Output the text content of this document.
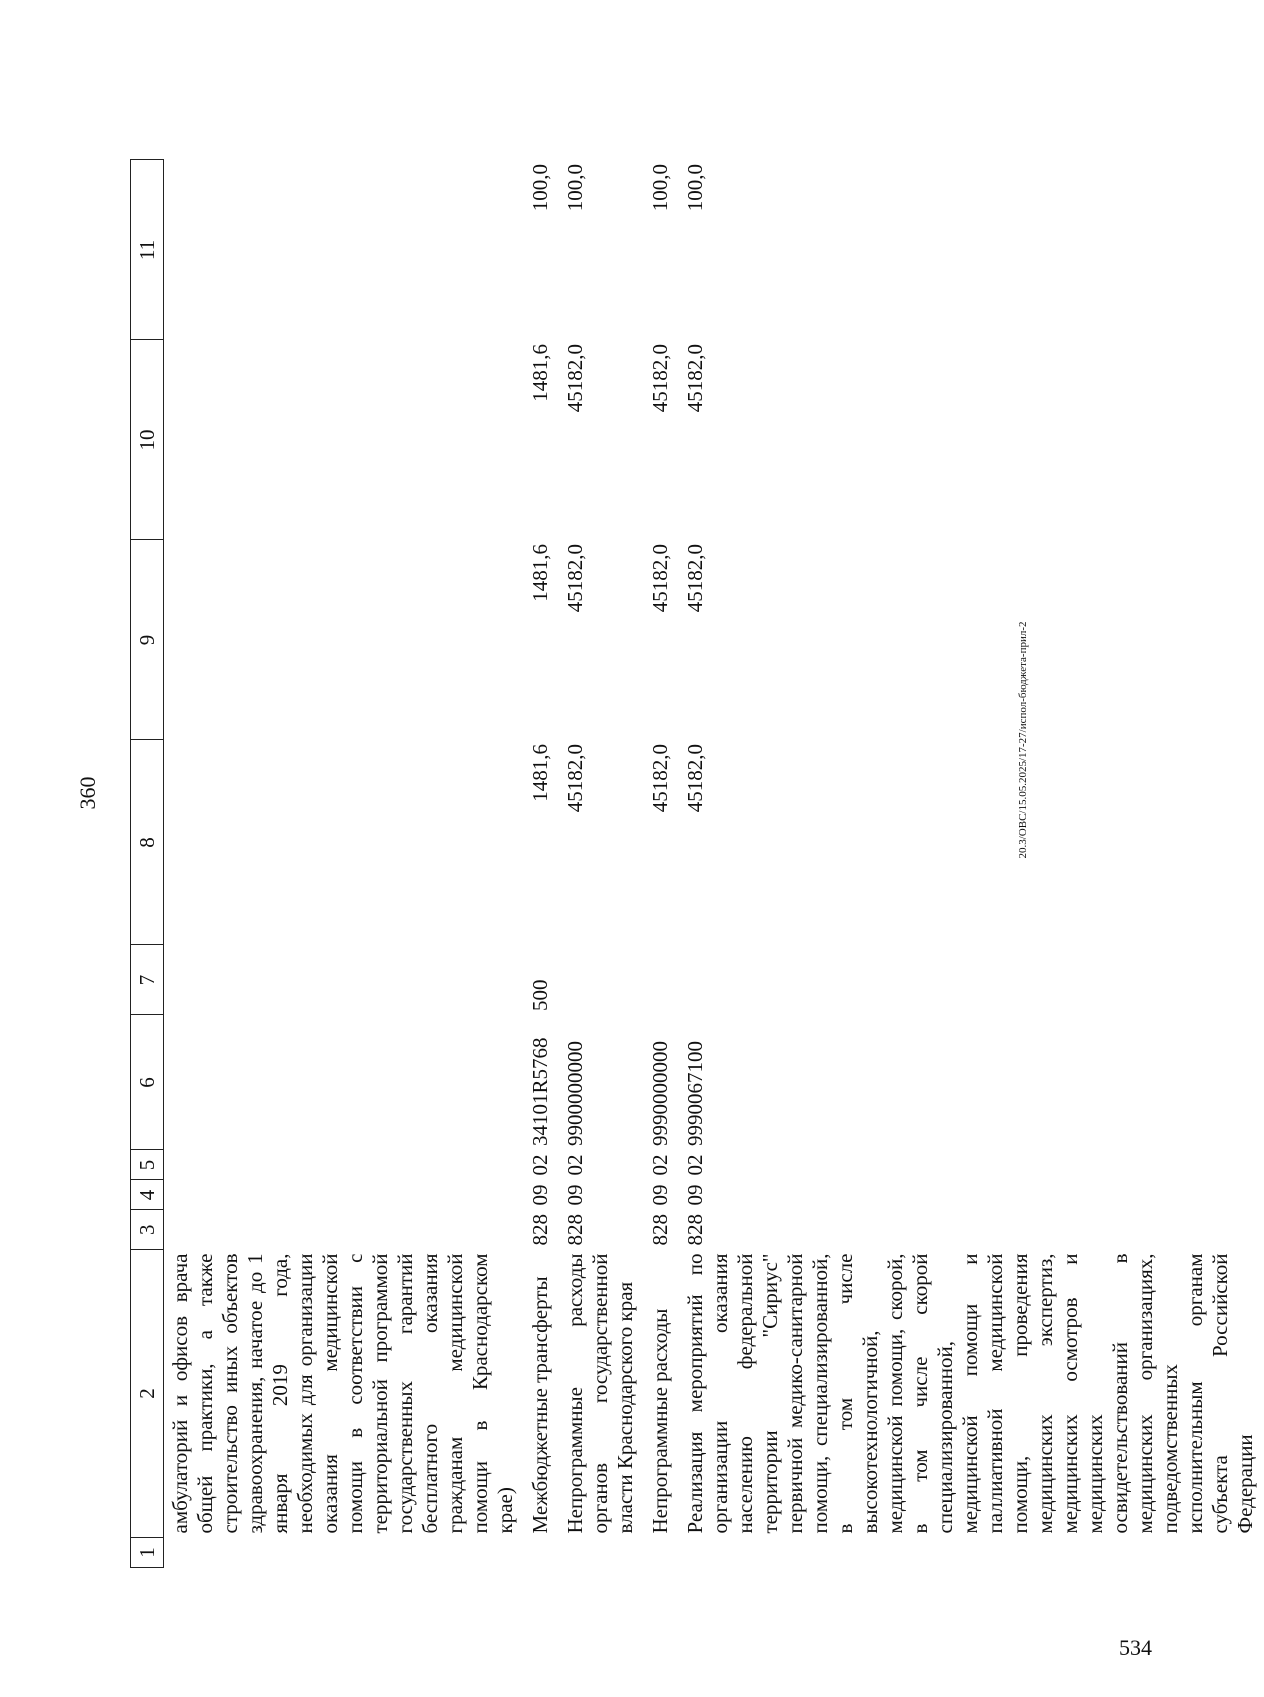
360
1	2	3	4	5	6	7	8	9	10	11
	амбулаторий и офисов врача общей практики, а также строительство иных объектов здравоохранения, начатое до 1 января 2019 года, необходимых для организации оказания медицинской помощи в соответствии с территориальной программой государственных гарантий бесплатного оказания гражданам медицинской помощи в Краснодарском крае)									
	Межбюджетные трансферты	828	09	02	34101R5768	500	1481,6	1481,6	1481,6	100,0
	Непрограммные расходы органов государственной власти Краснодарского края	828	09	02	9900000000		45182,0	45182,0	45182,0	100,0
	Непрограммные расходы	828	09	02	9990000000		45182,0	45182,0	45182,0	100,0
	Реализация мероприятий по организации оказания населению федеральной территории "Сириус" первичной медико-санитарной помощи, специализированной, в том числе высокотехнологичной, медицинской помощи, скорой, в том числе скорой специализированной, медицинской помощи и паллиативной медицинской помощи, проведения медицинских экспертиз, медицинских осмотров и медицинских освидетельствований в медицинских организациях, подведомственных исполнительным органам субъекта Российской Федерации	828	09	02	9990067100		45182,0	45182,0	45182,0	100,0
20.3/OBC/15.05.2025/17-27/испол-бюджета-прил-2
534
